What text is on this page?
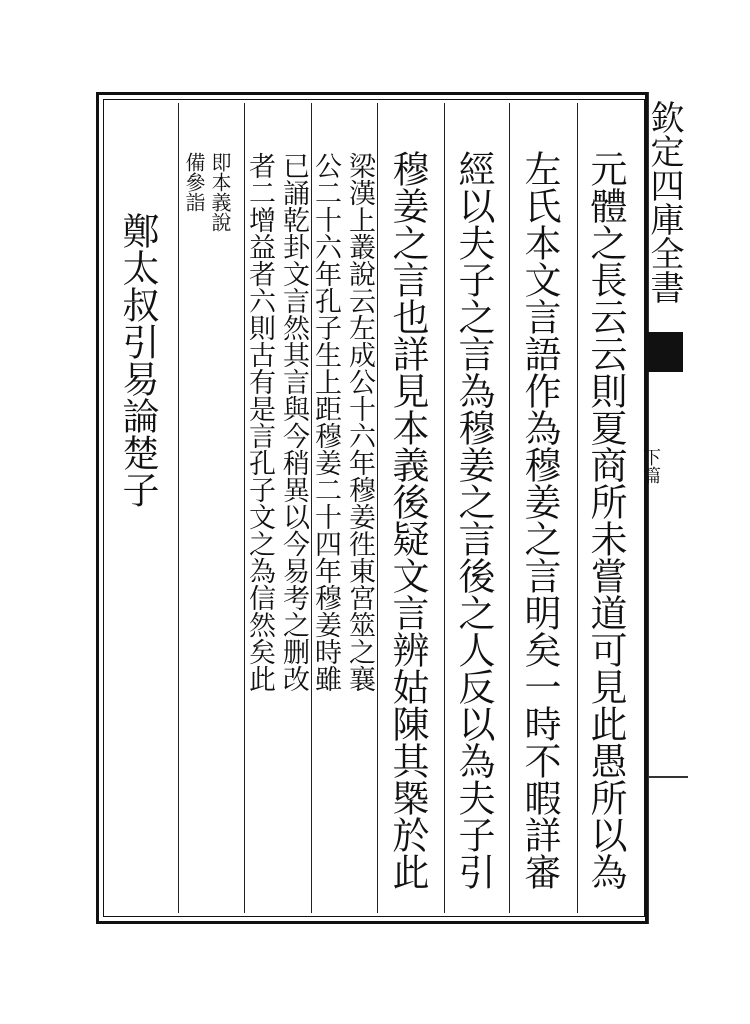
欽定四庫全書
下篇
元體之長云云則夏商所未嘗道可見此愚所以為
左氏本文言語作為穆姜之言明矣一時不暇詳審
經以夫子之言為穆姜之言後之人反以為夫子引
穆姜之言也詳見本義後疑文言辨姑陳其槩於此
梁漢上叢說云左成公十六年穆姜徃東宮筮之襄
公二十六年孔子生上距穆姜二十四年穆姜時雖
已誦乾卦文言然其言與今稍異以今易考之删改
者二增益者六則古有是言孔子文之為信然矣此
即本義說
備參詣
鄭太叔引易論楚子
